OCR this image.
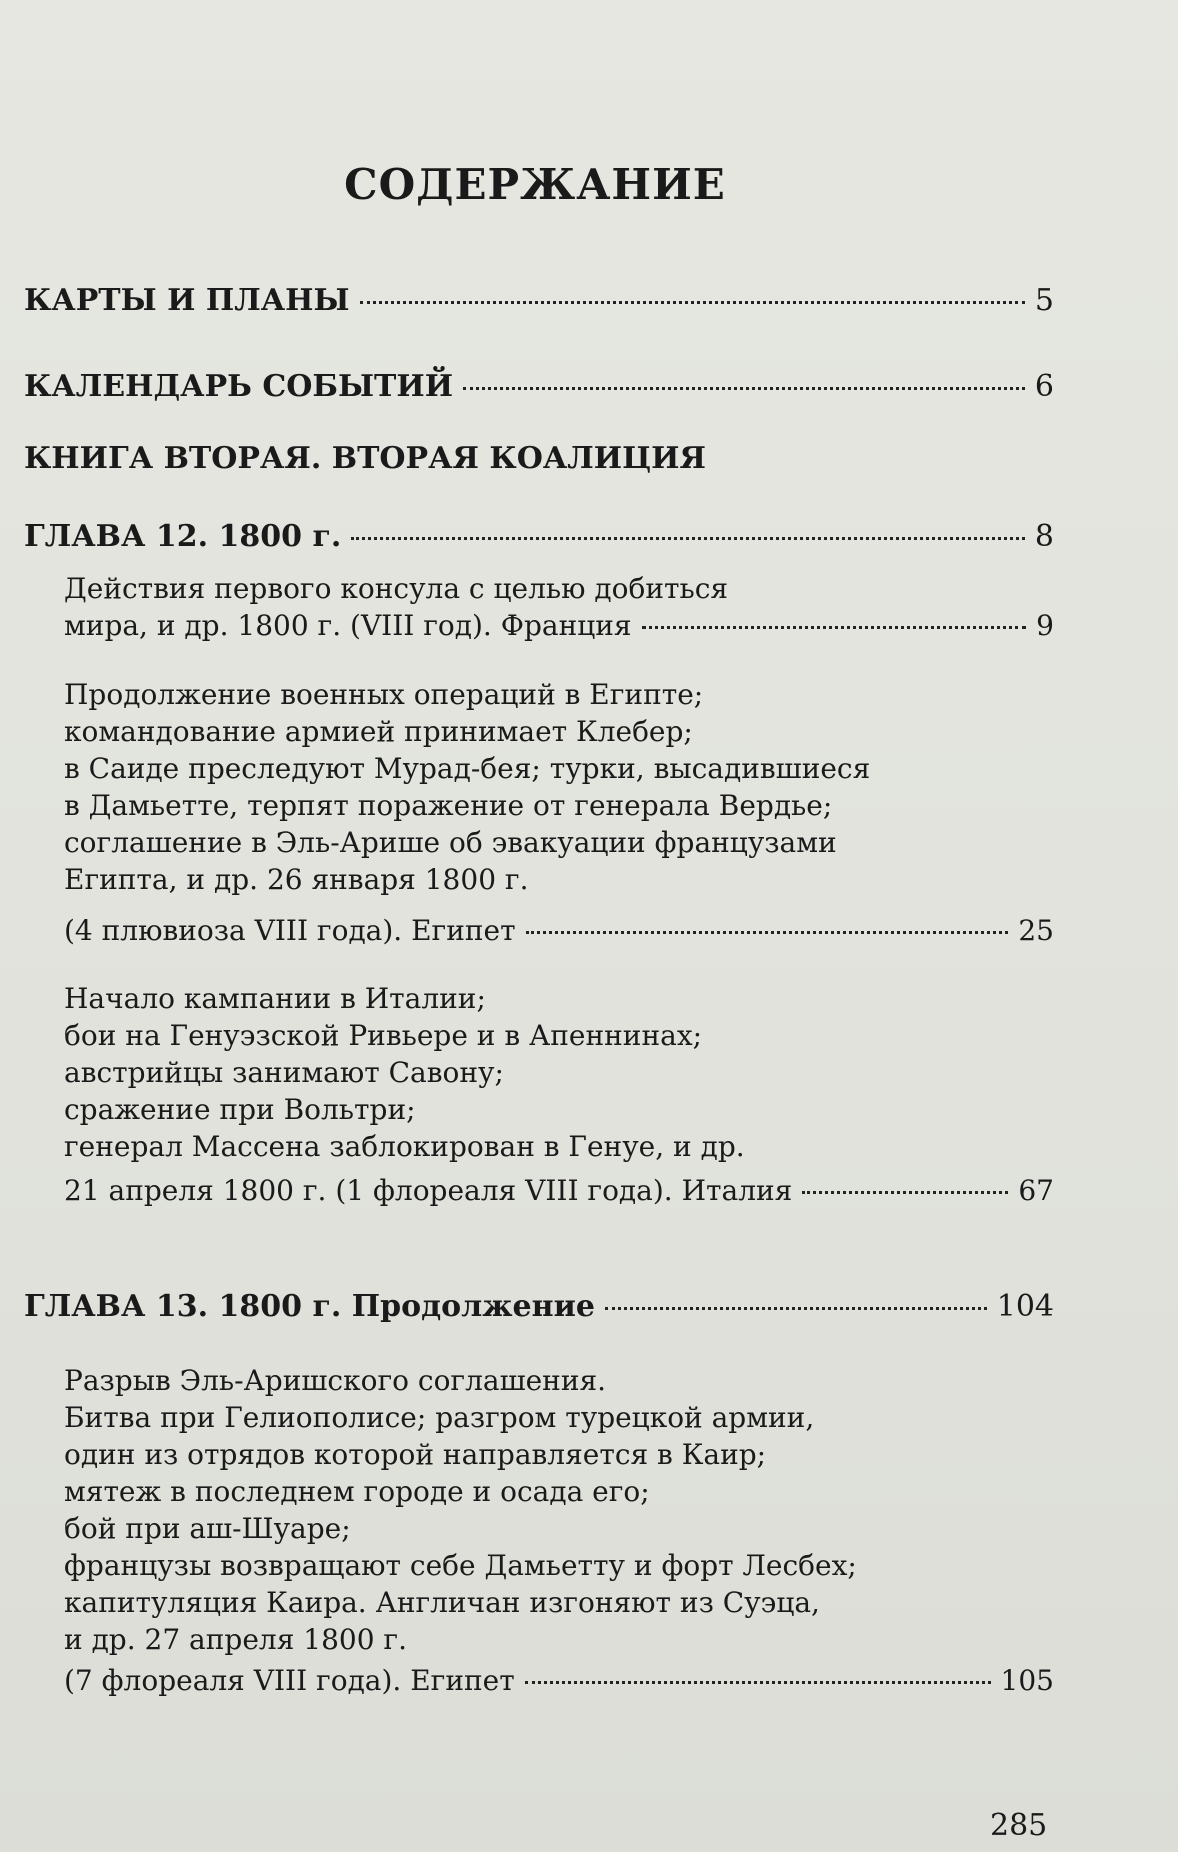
СОДЕРЖАНИЕ
КАРТЫ И ПЛАНЫ	5
КАЛЕНДАРЬ СОБЫТИЙ	6
КНИГА ВТОРАЯ. ВТОРАЯ КОАЛИЦИЯ
ГЛАВА 12. 1800 г.	8
Действия первого консула с целью добиться
мира, и др. 1800 г. (VIII год). Франция	9
Продолжение военных операций в Египте;
командование армией принимает Клебер;
в Саиде преследуют Мурад-бея; турки, высадившиеся
в Дамьетте, терпят поражение от генерала Вердье;
соглашение в Эль-Арише об эвакуации французами
Египта, и др. 26 января 1800 г.
(4 плювиоза VIII года). Египет	25
Начало кампании в Италии;
бои на Генуэзской Ривьере и в Апеннинах;
австрийцы занимают Савону;
сражение при Вольтри;
генерал Массена заблокирован в Генуе, и др.
21 апреля 1800 г. (1 флореаля VIII года). Италия	67
ГЛАВА 13. 1800 г. Продолжение	104
Разрыв Эль-Аришского соглашения.
Битва при Гелиополисе; разгром турецкой армии,
один из отрядов которой направляется в Каир;
мятеж в последнем городе и осада его;
бой при аш-Шуаре;
французы возвращают себе Дамьетту и форт Лесбех;
капитуляция Каира. Англичан изгоняют из Суэца,
и др. 27 апреля 1800 г.
(7 флореаля VIII года). Египет	105
285
